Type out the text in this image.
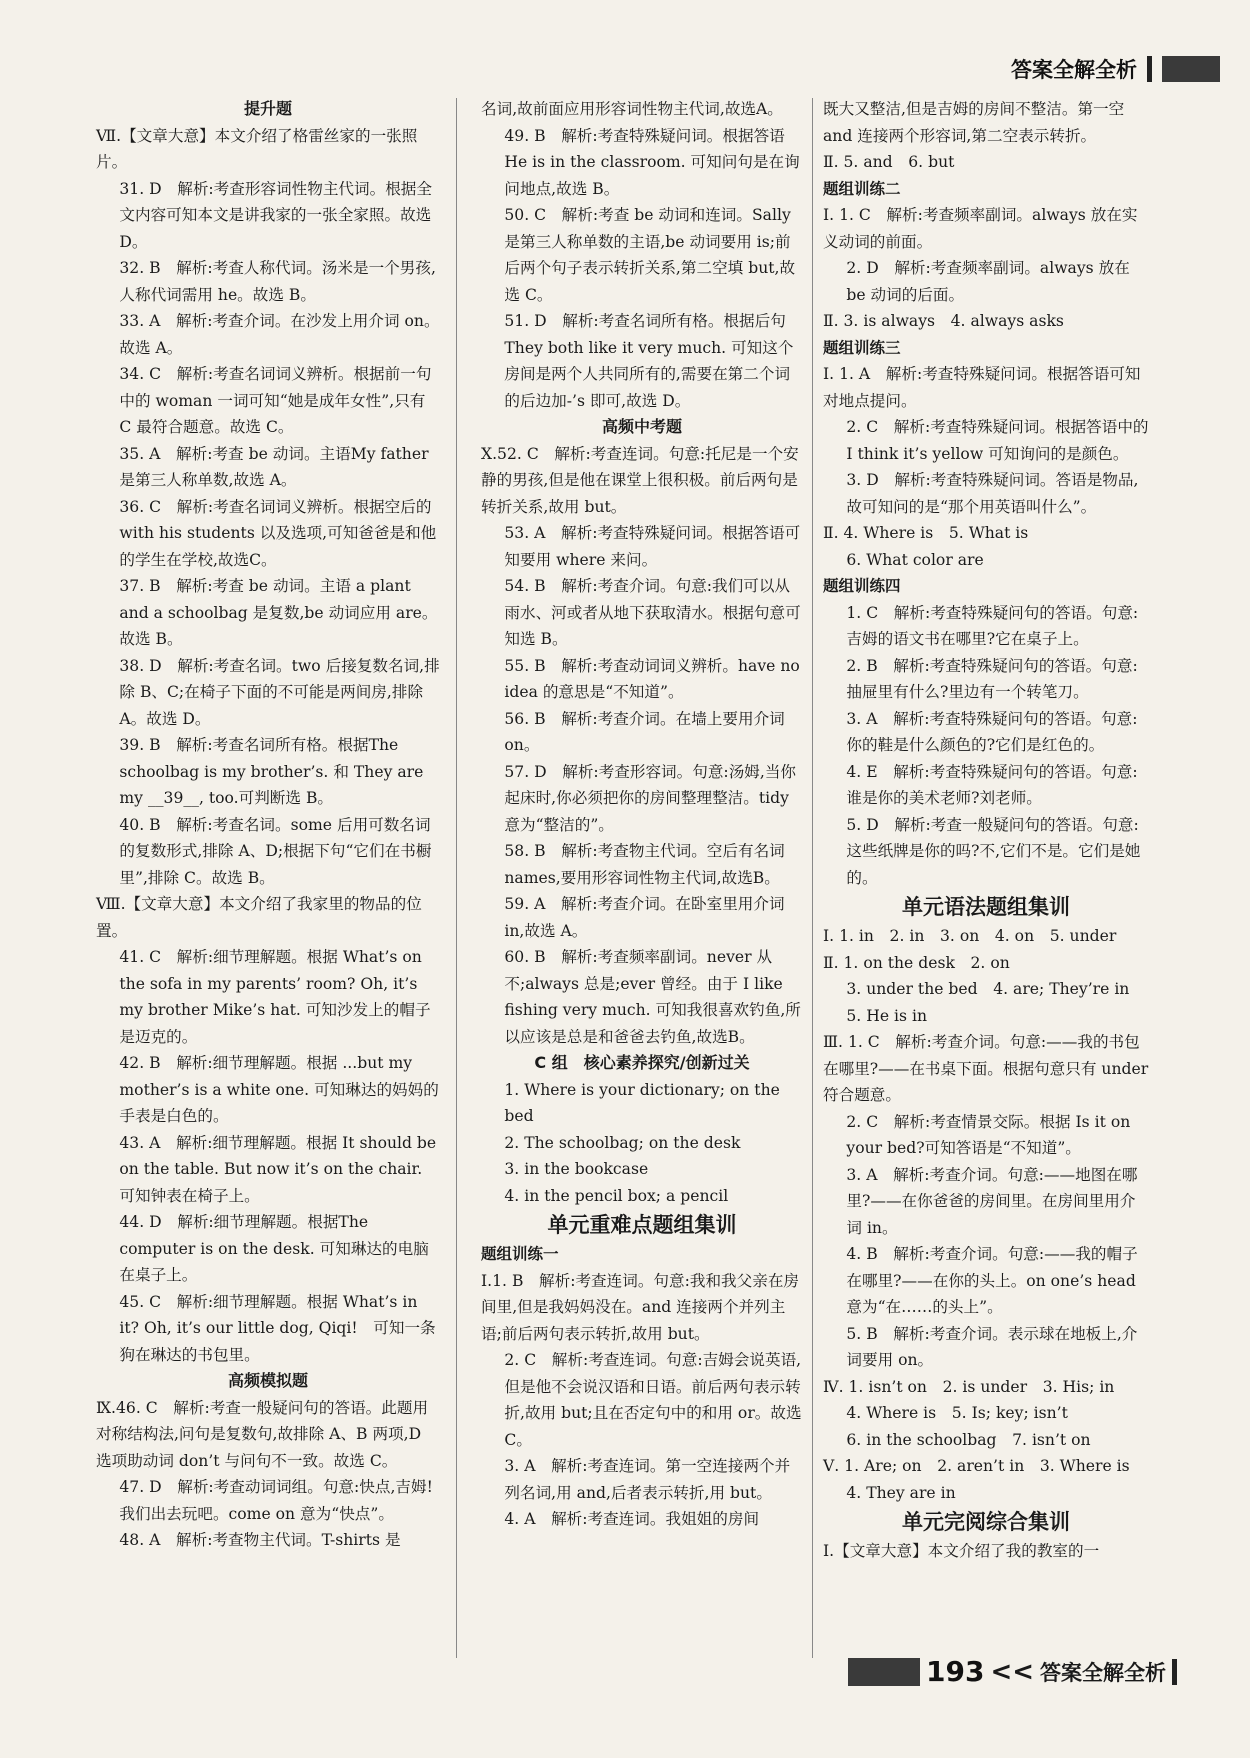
答案全解全析

提升题

Ⅶ.【文章大意】本文介绍了格雷丝家的一张照片。

31. D　解析:考查形容词性物主代词。根据全文内容可知本文是讲我家的一张全家照。故选 D。

32. B　解析:考查人称代词。汤米是一个男孩,人称代词需用 he。故选 B。

33. A　解析:考查介词。在沙发上用介词 on。故选 A。

34. C　解析:考查名词词义辨析。根据前一句中的 woman 一词可知“她是成年女性”,只有 C 最符合题意。故选 C。

35. A　解析:考查 be 动词。主语My father 是第三人称单数,故选 A。

36. C　解析:考查名词词义辨析。根据空后的 with his students 以及选项,可知爸爸是和他的学生在学校,故选C。

37. B　解析:考查 be 动词。主语 a plant and a schoolbag 是复数,be 动词应用 are。故选 B。

38. D　解析:考查名词。two 后接复数名词,排除 B、C;在椅子下面的不可能是两间房,排除 A。故选 D。

39. B　解析:考查名词所有格。根据The schoolbag is my brother’s. 和 They are my __39__, too.可判断选 B。

40. B　解析:考查名词。some 后用可数名词的复数形式,排除 A、D;根据下句“它们在书橱里”,排除 C。故选 B。

Ⅷ.【文章大意】本文介绍了我家里的物品的位置。

41. C　解析:细节理解题。根据 What’s on the sofa in my parents’ room? Oh, it’s my brother Mike’s hat. 可知沙发上的帽子是迈克的。

42. B　解析:细节理解题。根据 ...but my mother’s is a white one. 可知琳达的妈妈的手表是白色的。

43. A　解析:细节理解题。根据 It should be on the table. But now it’s on the chair. 可知钟表在椅子上。

44. D　解析:细节理解题。根据The computer is on the desk. 可知琳达的电脑在桌子上。

45. C　解析:细节理解题。根据 What’s in it? Oh, it’s our little dog, Qiqi!　可知一条狗在琳达的书包里。

高频模拟题

Ⅸ.46. C　解析:考查一般疑问句的答语。此题用对称结构法,问句是复数句,故排除 A、B 两项,D 选项助动词 don’t 与问句不一致。故选 C。

47. D　解析:考查动词词组。句意:快点,吉姆!我们出去玩吧。come on 意为“快点”。

48. A　解析:考查物主代词。T-shirts 是

名词,故前面应用形容词性物主代词,故选A。

49. B　解析:考查特殊疑问词。根据答语 He is in the classroom. 可知问句是在询问地点,故选 B。

50. C　解析:考查 be 动词和连词。Sally 是第三人称单数的主语,be 动词要用 is;前后两个句子表示转折关系,第二空填 but,故选 C。

51. D　解析:考查名词所有格。根据后句 They both like it very much. 可知这个房间是两个人共同所有的,需要在第二个词的后边加-’s 即可,故选 D。

高频中考题

Ⅹ.52. C　解析:考查连词。句意:托尼是一个安静的男孩,但是他在课堂上很积极。前后两句是转折关系,故用 but。

53. A　解析:考查特殊疑问词。根据答语可知要用 where 来问。

54. B　解析:考查介词。句意:我们可以从雨水、河或者从地下获取清水。根据句意可知选 B。

55. B　解析:考查动词词义辨析。have no idea 的意思是“不知道”。

56. B　解析:考查介词。在墙上要用介词 on。

57. D　解析:考查形容词。句意:汤姆,当你起床时,你必须把你的房间整理整洁。tidy 意为“整洁的”。

58. B　解析:考查物主代词。空后有名词names,要用形容词性物主代词,故选B。

59. A　解析:考查介词。在卧室里用介词 in,故选 A。

60. B　解析:考查频率副词。never 从不;always 总是;ever 曾经。由于 I like fishing very much. 可知我很喜欢钓鱼,所以应该是总是和爸爸去钓鱼,故选B。

C 组　核心素养探究/创新过关

1. Where is your dictionary; on the bed

2. The schoolbag; on the desk

3. in the bookcase

4. in the pencil box; a pencil

单元重难点题组集训

题组训练一

Ⅰ.1. B　解析:考查连词。句意:我和我父亲在房间里,但是我妈妈没在。and 连接两个并列主语;前后两句表示转折,故用 but。

2. C　解析:考查连词。句意:吉姆会说英语,但是他不会说汉语和日语。前后两句表示转折,故用 but;且在否定句中的和用 or。故选 C。

3. A　解析:考查连词。第一空连接两个并列名词,用 and,后者表示转折,用 but。

4. A　解析:考查连词。我姐姐的房间

既大又整洁,但是吉姆的房间不整洁。第一空 and 连接两个形容词,第二空表示转折。

Ⅱ. 5. and　6. but

题组训练二

Ⅰ. 1. C　解析:考查频率副词。always 放在实义动词的前面。

2. D　解析:考查频率副词。always 放在 be 动词的后面。

Ⅱ. 3. is always　4. always asks

题组训练三

Ⅰ. 1. A　解析:考查特殊疑问词。根据答语可知对地点提问。

2. C　解析:考查特殊疑问词。根据答语中的 I think it’s yellow 可知询问的是颜色。

3. D　解析:考查特殊疑问词。答语是物品,故可知问的是“那个用英语叫什么”。

Ⅱ. 4. Where is　5. What is

6. What color are

题组训练四

1. C　解析:考查特殊疑问句的答语。句意:吉姆的语文书在哪里?它在桌子上。

2. B　解析:考查特殊疑问句的答语。句意:抽屉里有什么?里边有一个转笔刀。

3. A　解析:考查特殊疑问句的答语。句意:你的鞋是什么颜色的?它们是红色的。

4. E　解析:考查特殊疑问句的答语。句意:谁是你的美术老师?刘老师。

5. D　解析:考查一般疑问句的答语。句意:这些纸牌是你的吗?不,它们不是。它们是她的。

单元语法题组集训

Ⅰ. 1. in　2. in　3. on　4. on　5. under

Ⅱ. 1. on the desk　2. on

3. under the bed　4. are; They’re in

5. He is in

Ⅲ. 1. C　解析:考查介词。句意:——我的书包在哪里?——在书桌下面。根据句意只有 under 符合题意。

2. C　解析:考查情景交际。根据 Is it on your bed?可知答语是“不知道”。

3. A　解析:考查介词。句意:——地图在哪里?——在你爸爸的房间里。在房间里用介词 in。

4. B　解析:考查介词。句意:——我的帽子在哪里?——在你的头上。on one’s head 意为“在……的头上”。

5. B　解析:考查介词。表示球在地板上,介词要用 on。

Ⅳ. 1. isn’t on　2. is under　3. His; in

4. Where is　5. Is; key; isn’t

6. in the schoolbag　7. isn’t on

Ⅴ. 1. Are; on　2. aren’t in　3. Where is

4. They are in

单元完阅综合集训

Ⅰ.【文章大意】本文介绍了我的教室的一

193 << 答案全解全析
